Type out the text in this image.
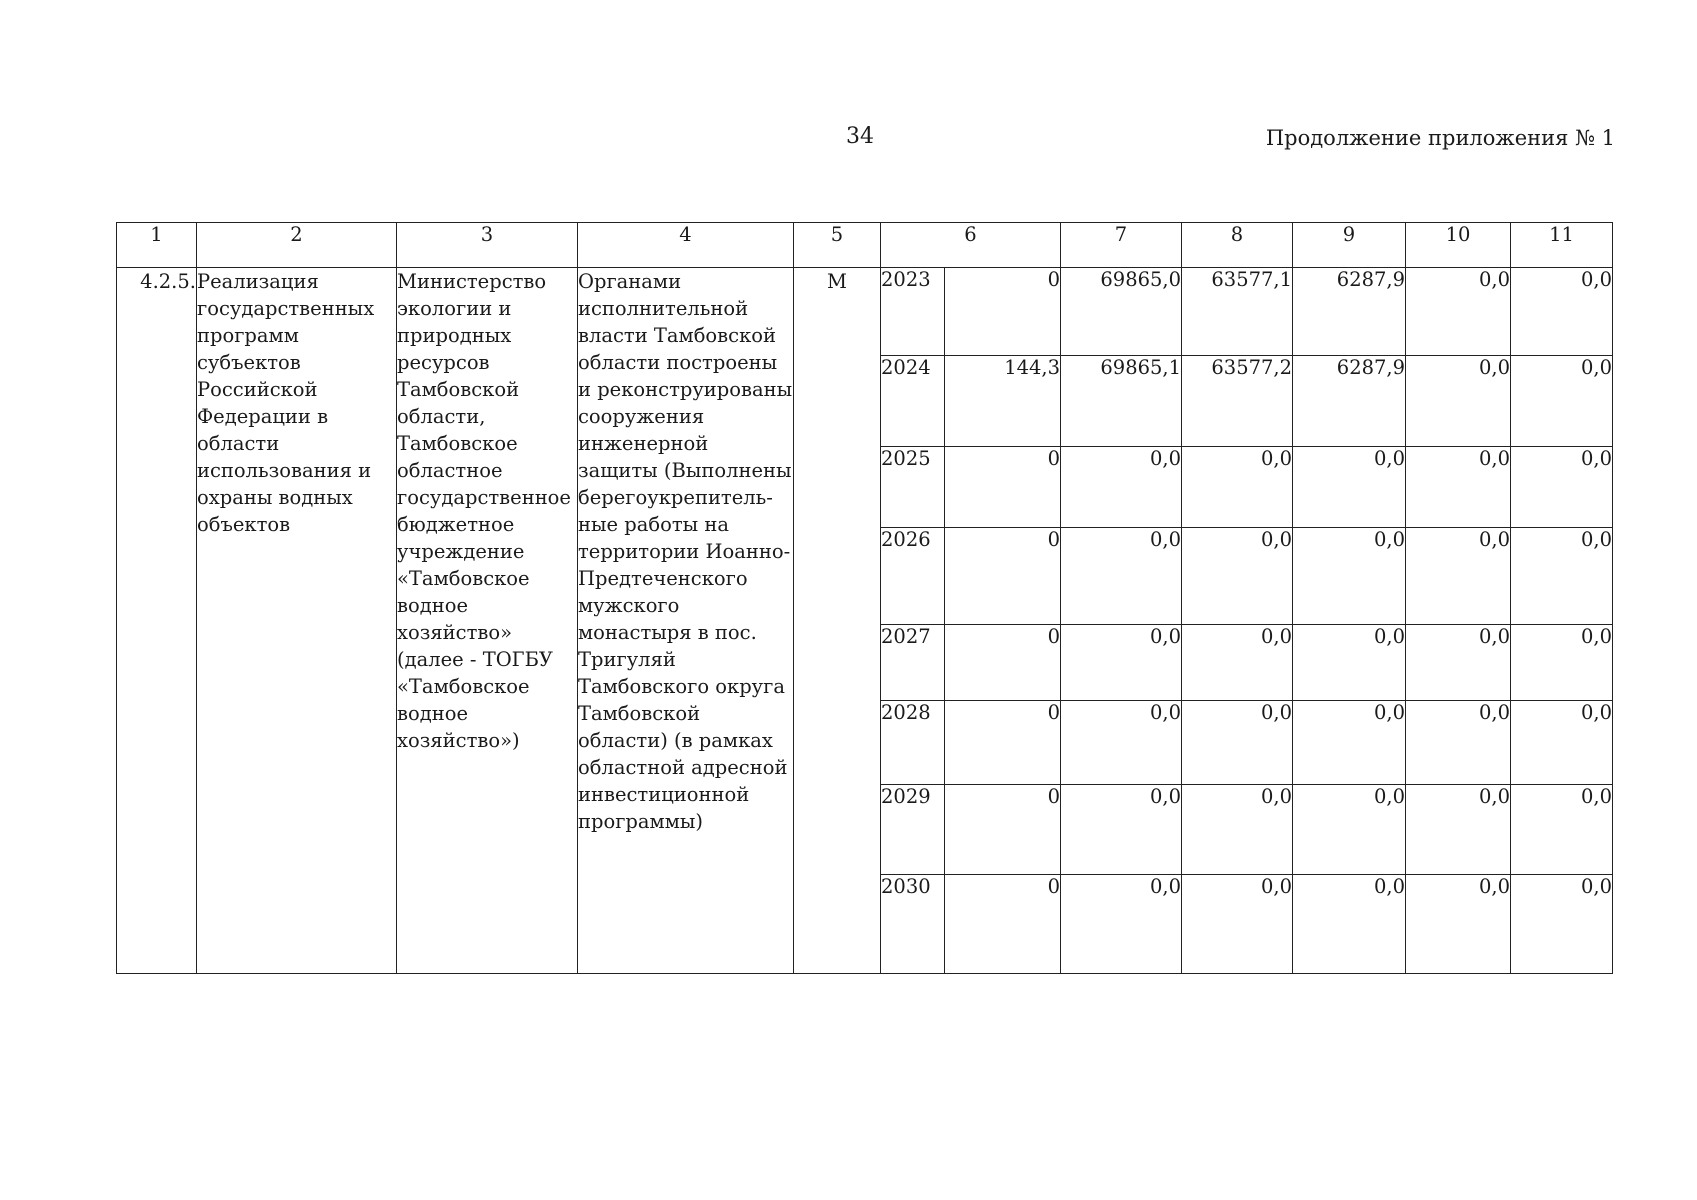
34	Продолжение приложения № 1
1	2	3	4	5	6		7	8	9	10	11
4.2.5.	Реализация государственных программ субъектов Российской Федерации в области использования и охраны водных объектов	Министерство экологии и природных ресурсов Тамбовской области, Тамбовское областное государственное бюджетное учреждение «Тамбовское водное хозяйство» (далее - ТОГБУ «Тамбовское водное хозяйство»)	Органами исполнительной власти Тамбовской области построены и реконструированы сооружения инженерной защиты (Выполнены берегоукрепитель-ные работы на территории Иоанно-Предтеченского мужского монастыря в пос. Тригуляй Тамбовского округа Тамбовской области) (в рамках областной адресной инвестиционной программы)	М	2023	0	69865,0	63577,1	6287,9	0,0	0,0
					2024	144,3	69865,1	63577,2	6287,9	0,0	0,0
					2025	0	0,0	0,0	0,0	0,0	0,0
					2026	0	0,0	0,0	0,0	0,0	0,0
					2027	0	0,0	0,0	0,0	0,0	0,0
					2028	0	0,0	0,0	0,0	0,0	0,0
					2029	0	0,0	0,0	0,0	0,0	0,0
					2030	0	0,0	0,0	0,0	0,0	0,0
